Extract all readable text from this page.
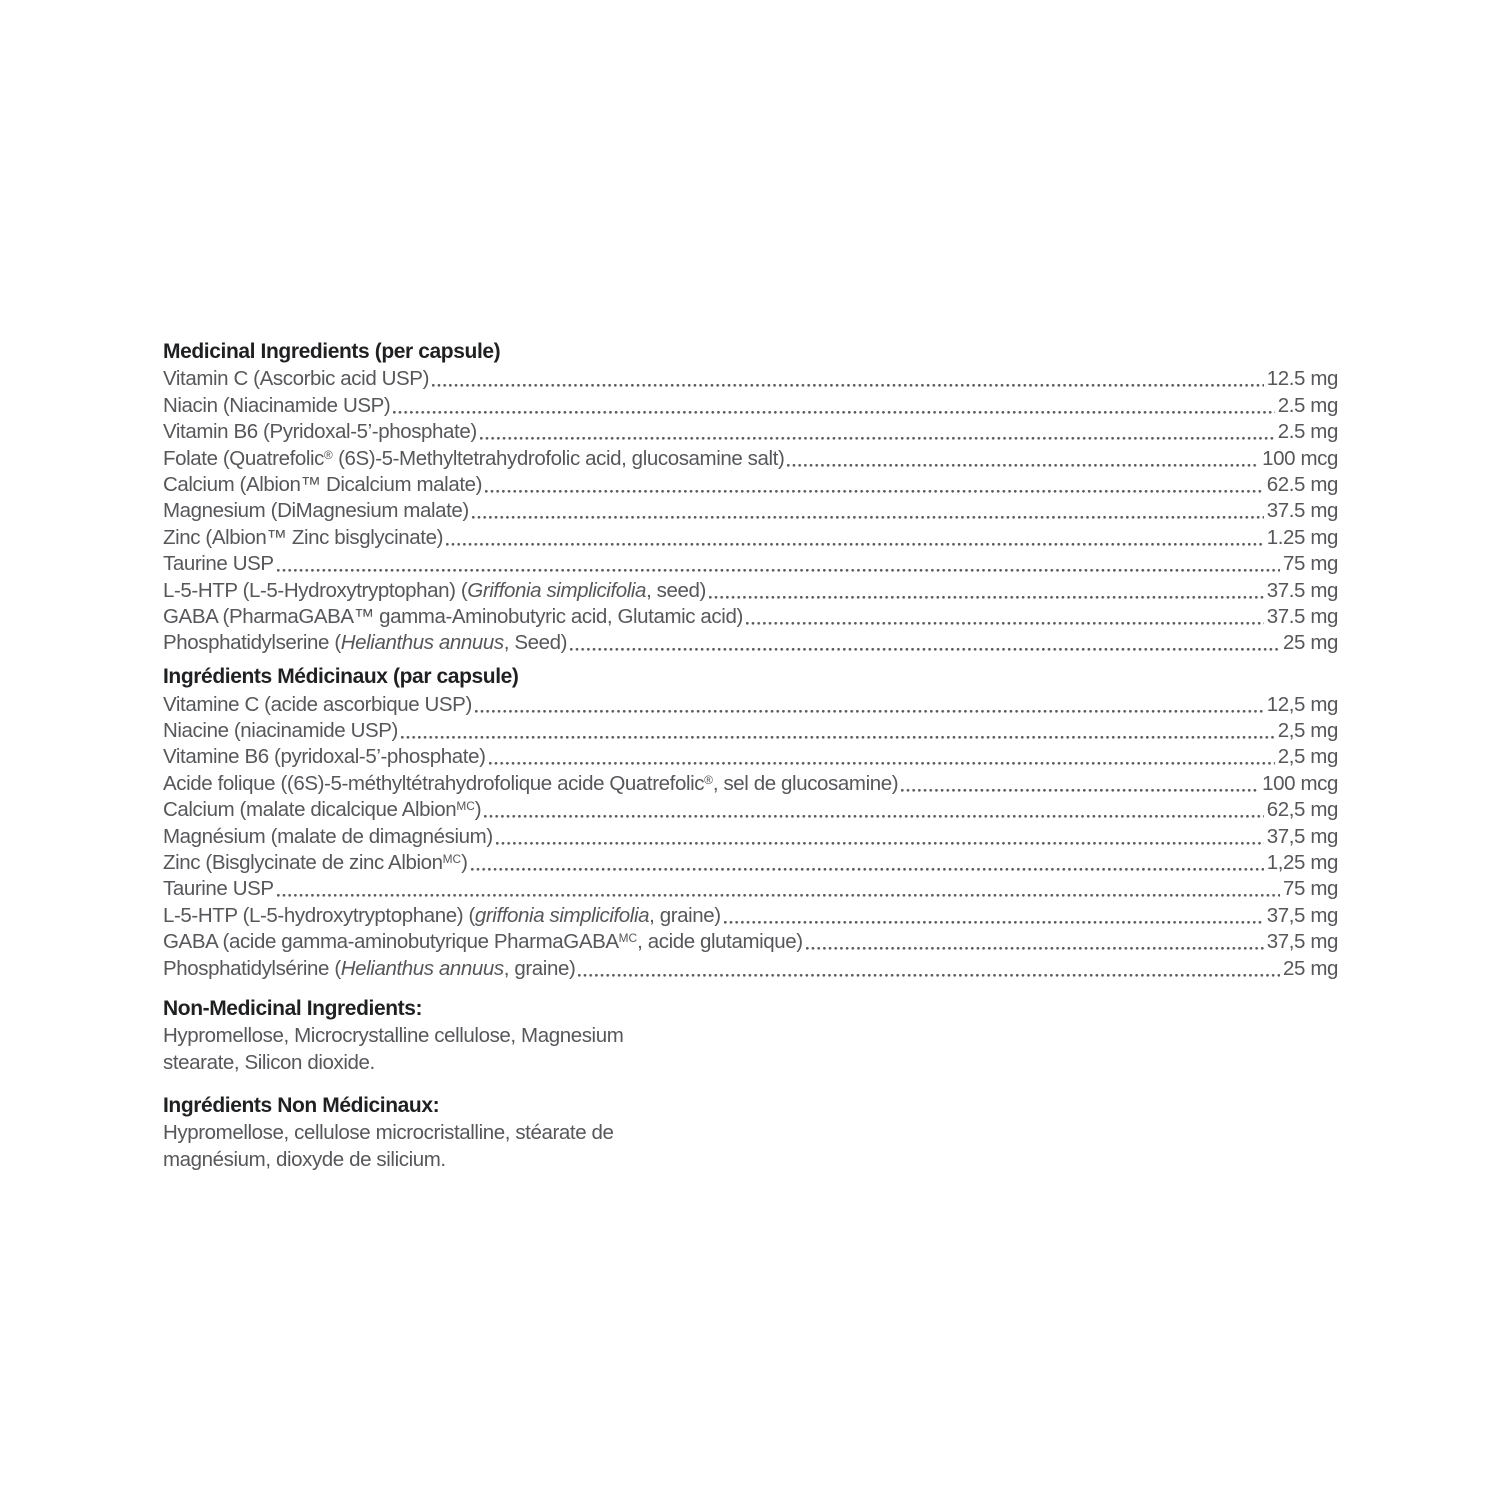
Medicinal Ingredients (per capsule)
Vitamin C (Ascorbic acid USP)	12.5 mg
Niacin (Niacinamide USP)	2.5 mg
Vitamin B6 (Pyridoxal-5’-phosphate)	2.5 mg
Folate (Quatrefolic® (6S)-5-Methyltetrahydrofolic acid, glucosamine salt)	100 mcg
Calcium (Albion™ Dicalcium malate)	62.5 mg
Magnesium (DiMagnesium malate)	37.5 mg
Zinc (Albion™ Zinc bisglycinate)	1.25 mg
Taurine USP	75 mg
L-5-HTP (L-5-Hydroxytryptophan) (Griffonia simplicifolia, seed)	37.5 mg
GABA (PharmaGABA™ gamma-Aminobutyric acid, Glutamic acid)	37.5 mg
Phosphatidylserine (Helianthus annuus, Seed)	25 mg
Ingrédients Médicinaux (par capsule)
Vitamine C (acide ascorbique USP)	12,5 mg
Niacine (niacinamide USP)	2,5 mg
Vitamine B6 (pyridoxal-5’-phosphate)	2,5 mg
Acide folique ((6S)-5-méthyltétrahydrofolique acide Quatrefolic®, sel de glucosamine)	100 mcg
Calcium (malate dicalcique Albion$^{MC}$)	62,5 mg
Magnésium (malate de dimagnésium)	37,5 mg
Zinc (Bisglycinate de zinc Albion$^{MC}$)	1,25 mg
Taurine USP	75 mg
L-5-HTP (L-5-hydroxytryptophane) (griffonia simplicifolia, graine)	37,5 mg
GABA (acide gamma-aminobutyrique PharmaGABA$^{MC}$, acide glutamique)	37,5 mg
Phosphatidylsérine (Helianthus annuus, graine)	25 mg
Non-Medicinal Ingredients:

Hypromellose, Microcrystalline cellulose, Magnesium stearate, Silicon dioxide.

Ingrédients Non Médicinaux:

Hypromellose, cellulose microcristalline, stéarate de magnésium, dioxyde de silicium.
